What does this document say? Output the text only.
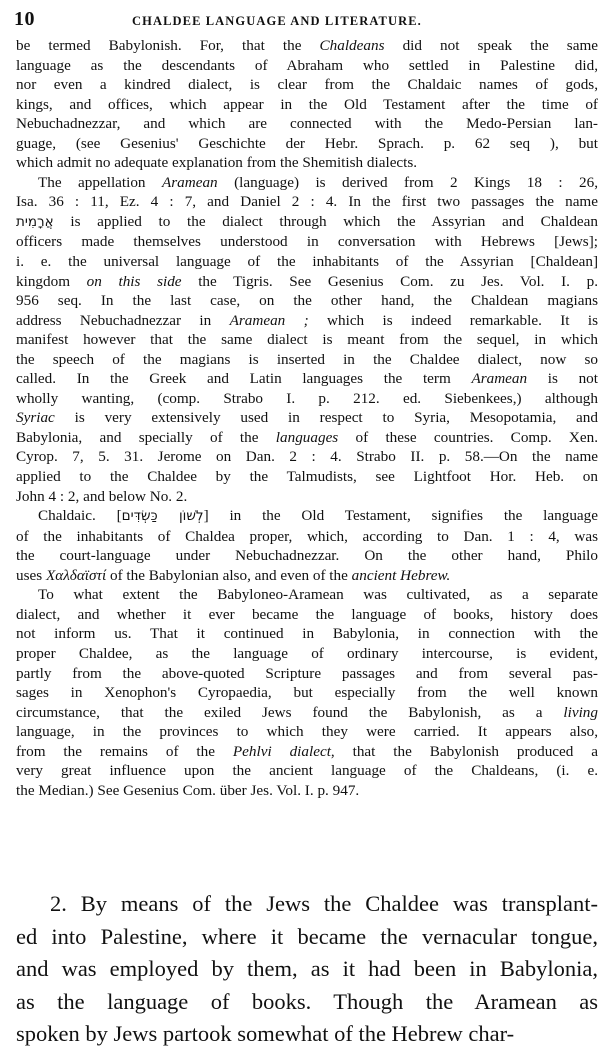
10	CHALDEE LANGUAGE AND LITERATURE.
be termed Babylonish. For, that the Chaldeans did not speak the same
language as the descendants of Abraham who settled in Palestine did,
nor even a kindred dialect, is clear from the Chaldaic names of gods,
kings, and offices, which appear in the Old Testament after the time of
Nebuchadnezzar, and which are connected with the Medo-Persian lan-
guage, (see Gesenius' Geschichte der Hebr. Sprach. p. 62 seq ), but
which admit no adequate explanation from the Shemitish dialects.
The appellation Aramean (language) is derived from 2 Kings 18 : 26,
Isa. 36 : 11, Ez. 4 : 7, and Daniel 2 : 4. In the first two passages the name
אֲרָמִית is applied to the dialect through which the Assyrian and Chaldean
officers made themselves understood in conversation with Hebrews [Jews];
i. e. the universal language of the inhabitants of the Assyrian [Chaldean]
kingdom on this side the Tigris. See Gesenius Com. zu Jes. Vol. I. p.
956 seq. In the last case, on the other hand, the Chaldean magians
address Nebuchadnezzar in Aramean ; which is indeed remarkable. It is
manifest however that the same dialect is meant from the sequel, in which
the speech of the magians is inserted in the Chaldee dialect, now so
called. In the Greek and Latin languages the term Aramean is not
wholly wanting, (comp. Strabo I. p. 212. ed. Siebenkees,) although
Syriac is very extensively used in respect to Syria, Mesopotamia, and
Babylonia, and specially of the languages of these countries. Comp. Xen.
Cyrop. 7, 5. 31. Jerome on Dan. 2 : 4. Strabo II. p. 58.—On the name
applied to the Chaldee by the Talmudists, see Lightfoot Hor. Heb. on
John 4 : 2, and below No. 2.
Chaldaic. [לְשׁוֹן כַּשְׂדִּים] in the Old Testament, signifies the language
of the inhabitants of Chaldea proper, which, according to Dan. 1 : 4, was
the court-language under Nebuchadnezzar. On the other hand, Philo
uses Χαλδαϊστί of the Babylonian also, and even of the ancient Hebrew.
To what extent the Babyloneo-Aramean was cultivated, as a separate
dialect, and whether it ever became the language of books, history does
not inform us. That it continued in Babylonia, in connection with the
proper Chaldee, as the language of ordinary intercourse, is evident,
partly from the above-quoted Scripture passages and from several pas-
sages in Xenophon's Cyropaedia, but especially from the well known
circumstance, that the exiled Jews found the Babylonish, as a living
language, in the provinces to which they were carried. It appears also,
from the remains of the Pehlvi dialect, that the Babylonish produced a
very great influence upon the ancient language of the Chaldeans, (i. e.
the Median.) See Gesenius Com. über Jes. Vol. I. p. 947.
2. By means of the Jews the Chaldee was transplant-
ed into Palestine, where it became the vernacular tongue,
and was employed by them, as it had been in Babylonia,
as the language of books. Though the Aramean as
spoken by Jews partook somewhat of the Hebrew char-
